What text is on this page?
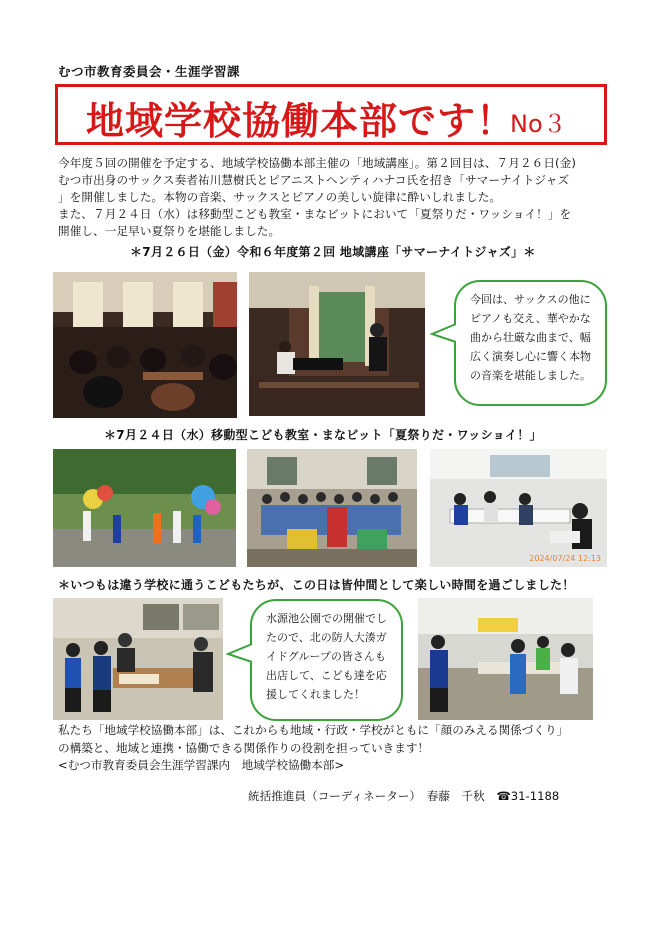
むつ市教育委員会・生涯学習課
地域学校協働本部です！
No３

今年度５回の開催を予定する、地域学校協働本部主催の「地域講座」。第２回目は、７月２６日(金)

むつ市出身のサックス奏者祐川慧樹氏とピアニストヘンティハナコ氏を招き「サマーナイトジャズ

」を開催しました。本物の音楽、サックスとピアノの美しい旋律に酔いしれました。

また、７月２４日（水）は移動型こども教室・まなビットにおいて「夏祭りだ・ワッショイ！」を

開催し、一足早い夏祭りを堪能しました。

＊7月２６日（金）令和６年度第２回 地域講座「サマーナイトジャズ」＊
今回は、サックスの他に
ピアノも交え、華やかな
曲から壮厳な曲まで、幅
広く演奏し心に響く本物
の音楽を堪能しました。
＊7月２４日（水）移動型こども教室・まなビット「夏祭りだ・ワッショイ！」
2024/07/24 12:13
＊いつもは違う学校に通うこどもたちが、この日は皆仲間として楽しい時間を過ごしました！
水源池公園での開催でし
たので、北の防人大湊ガ
イドグループの皆さんも
出店して、こども達を応
援してくれました！

私たち「地域学校協働本部」は、これからも地域・行政・学校がともに「顔のみえる関係づくり」

の構築と、地域と連携・協働できる関係作りの役割を担っていきます！

<むつ市教育委員会生涯学習課内　地域学校協働本部>

統括推進員（コーディネーター）　春藤　千秋　☎31-1188
